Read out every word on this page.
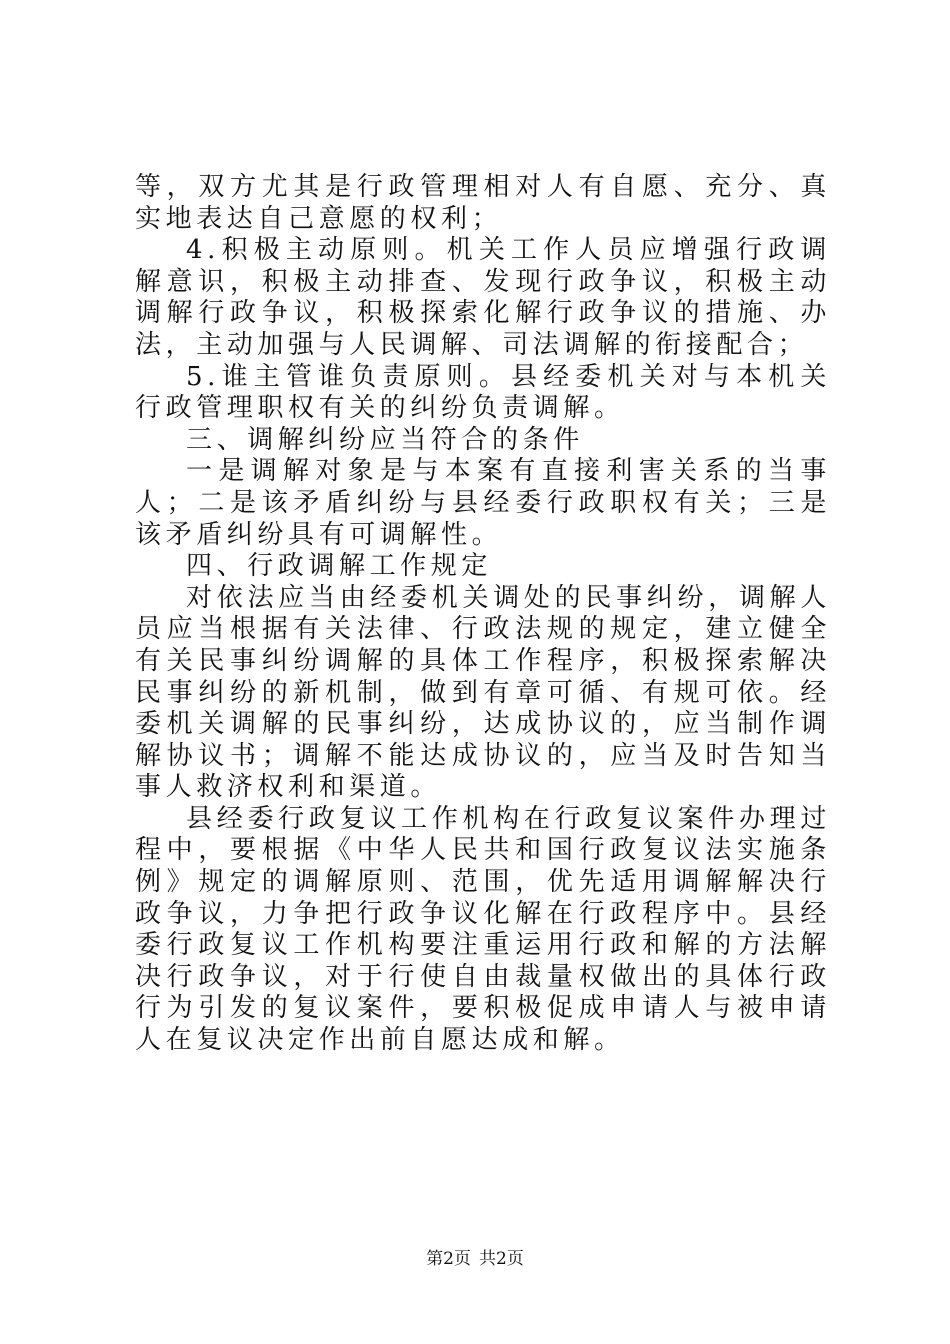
等，双方尤其是行政管理相对人有自愿、充分、真实地表达自己意愿的权利；

4.积极主动原则。机关工作人员应增强行政调解意识，积极主动排查、发现行政争议，积极主动调解行政争议，积极探索化解行政争议的措施、办法，主动加强与人民调解、司法调解的衔接配合；

5.谁主管谁负责原则。县经委机关对与本机关行政管理职权有关的纠纷负责调解。

三、调解纠纷应当符合的条件

一是调解对象是与本案有直接利害关系的当事人；二是该矛盾纠纷与县经委行政职权有关；三是该矛盾纠纷具有可调解性。

四、行政调解工作规定

对依法应当由经委机关调处的民事纠纷，调解人员应当根据有关法律、行政法规的规定，建立健全有关民事纠纷调解的具体工作程序，积极探索解决民事纠纷的新机制，做到有章可循、有规可依。经委机关调解的民事纠纷，达成协议的，应当制作调解协议书；调解不能达成协议的，应当及时告知当事人救济权利和渠道。

县经委行政复议工作机构在行政复议案件办理过程中，要根据《中华人民共和国行政复议法实施条例》规定的调解原则、范围，优先适用调解解决行政争议，力争把行政争议化解在行政程序中。县经委行政复议工作机构要注重运用行政和解的方法解决行政争议，对于行使自由裁量权做出的具体行政行为引发的复议案件，要积极促成申请人与被申请人在复议决定作出前自愿达成和解。

第2页 共2页
